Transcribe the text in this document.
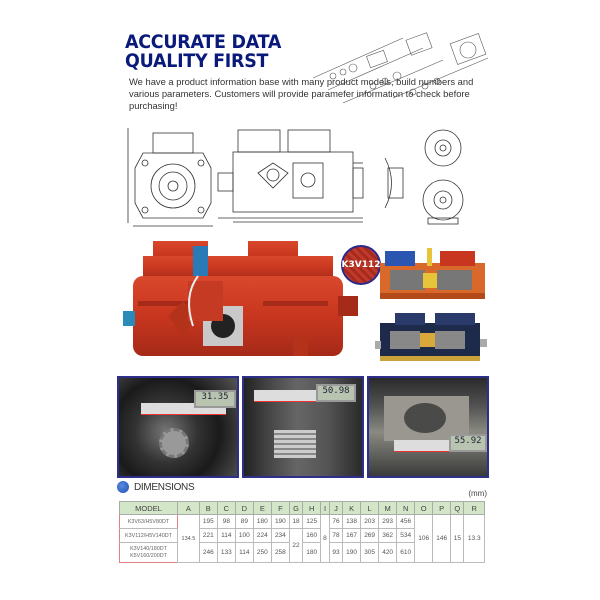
ACCURATE DATA
QUALITY FIRST

We have a product information base with many product models, build numbers and various parameters. Customers will provide paramefer information to check before purchasing!

K3V112
31.35
50.98
55.92
DIMENSIONS
(mm)
MODEL	A	B	C	D	E	F	G	H	I	J	K	L	M	N	O	P	Q	R
K3V63/H5V80DT	134.5	195	98	89	180	190	18	125	8	76	138	203	293	456	106	146	15	13.3
K3V112/H5V140DT		221	114	100	224	234	22	160		78	167	269	362	534				

K3V140/180DT
K5V160/200DT		246	133	114	250	258		180		93	190	305	420	610				
